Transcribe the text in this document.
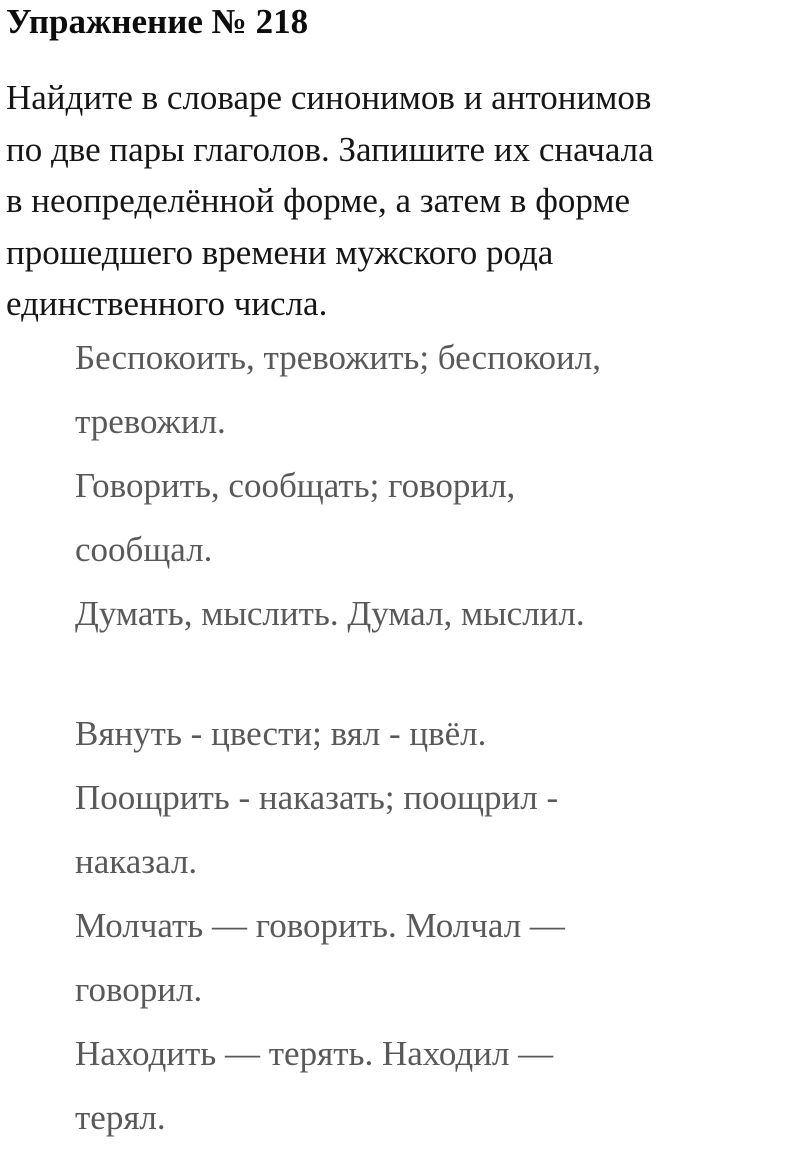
Упражнение № 218

Найдите в словаре синонимов и антонимов
по две пары глаголов. Запишите их сначала
в неопределённой форме, а затем в форме
прошедшего времени мужского рода
единственного числа.

Беспокоить, тревожить; беспокоил,
тревожил.
Говорить, сообщать; говорил,
сообщал.
Думать, мыслить. Думал, мыслил.
Вянуть - цвести; вял - цвёл.
Поощрить - наказать; поощрил -
наказал.
Молчать — говорить. Молчал —
говорил.
Находить — терять. Находил —
терял.
